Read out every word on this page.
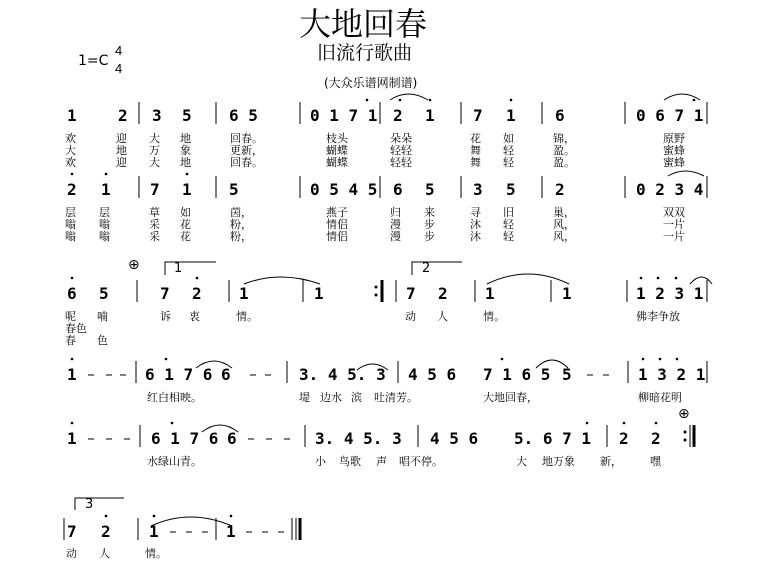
大地回春
旧流行歌曲
(大众乐谱网制谱)
1=C
4
4
1	2 3 5 6 5	0 1 7 1 2 1 7 1 6	0 6 7 1
欢	迎 大 地	回春。	枝头	朵朵	花 如	锦，	原野
大	地 万 象	更新，	蝴蝶	轻轻	舞 轻	盈。	蜜蜂
欢	迎 大 地	回春。	蝴蝶	轻轻	舞 轻	盈。	蜜蜂
2 1 7 1 5	0 5 4 5 6 5 3 5 2	0 2 3 4
层 层	草 如	茵，	燕子	归 来	寻 旧	巢，	双双
嗡 嗡	采 花	粉，	情侣	漫 步	沐 轻	风，	一片
嗡 嗡	采 花	粉，	情侣	漫 步	沐 轻	风，	一片
6 5	7 2 1	1	7 2 1	1	1 2 3 1
呢 喃	诉 衷	情。	动 人	情。	佛李争放
春色
春 色
1	6 1 7 6 6	3. 4 5. 3 4 5 6 7 1 6 5 5	1 3 2 1
红白相映。	堤 边水 滨 吐清芳。	大地回春，	柳暗花明
1	6 1 7 6 6	3. 4 5. 3 4 5 6 5. 6 7 1 2 2
水绿山青。	小 鸟歌 声 唱不停。	大 地万象 新，	嘿
7 2 1	1
动 人	情。
1	2
3
⊕
⊕
